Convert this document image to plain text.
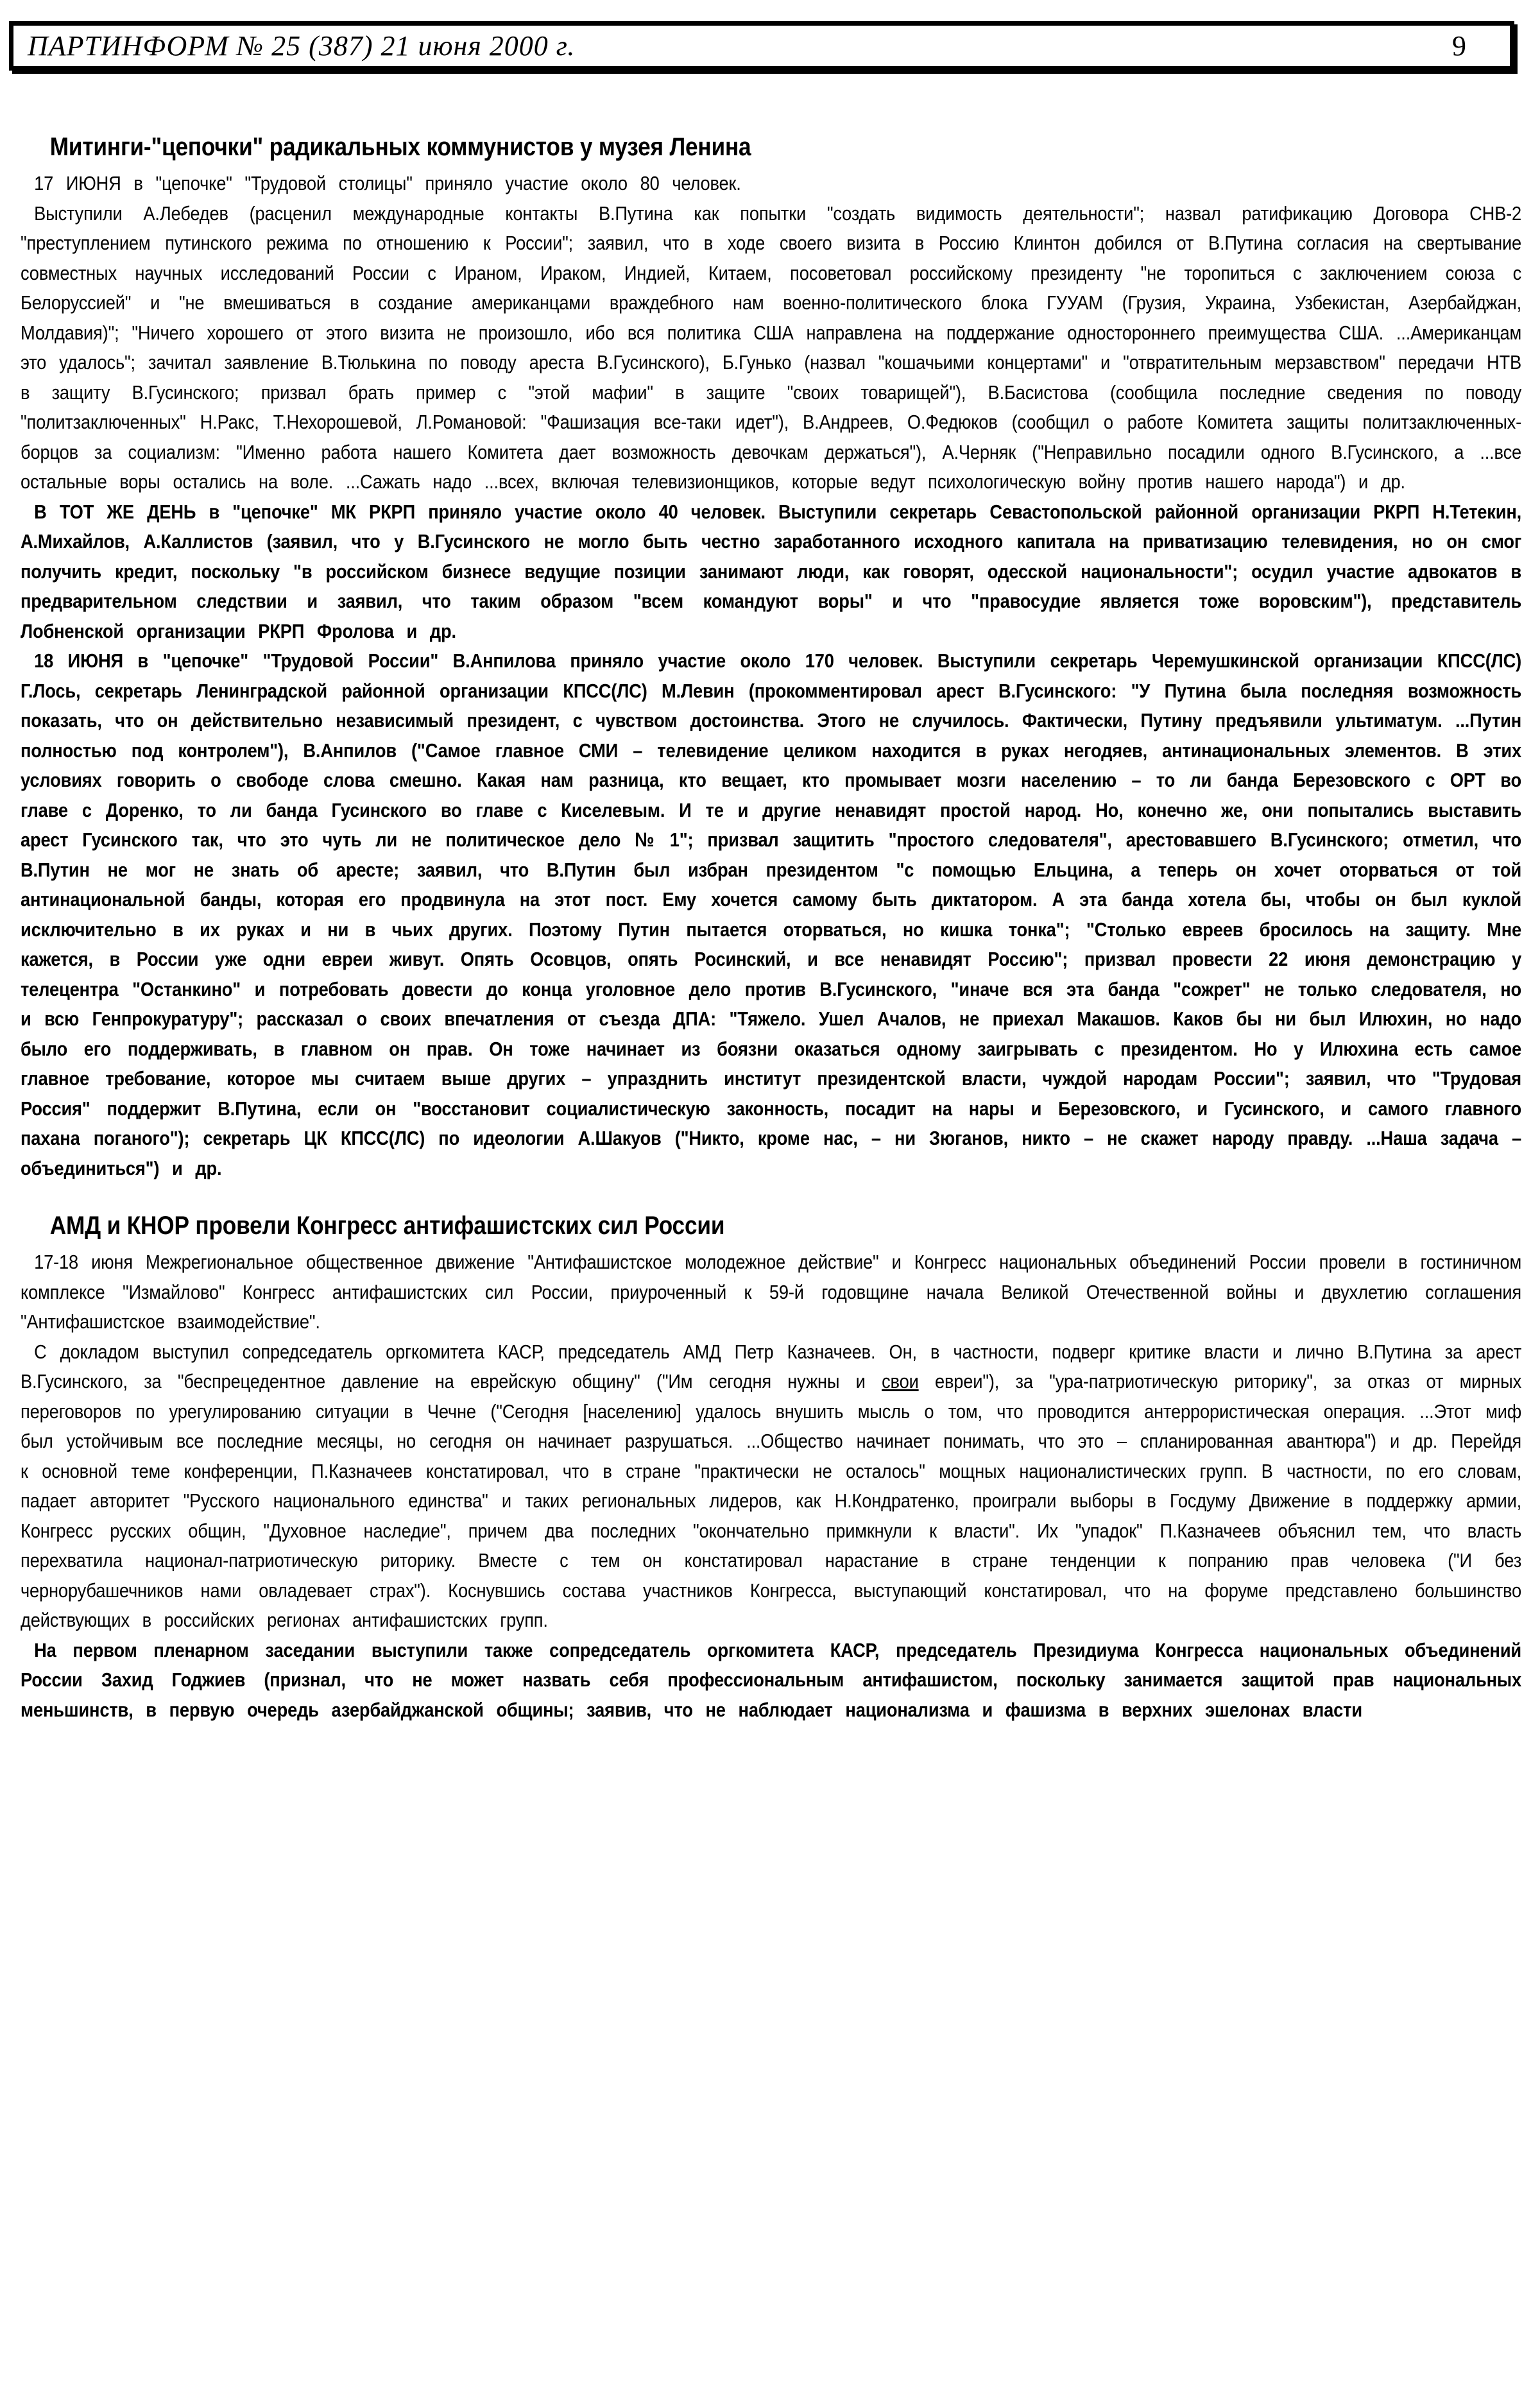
ПАРТИНФОРМ № 25 (387) 21 июня 2000 г.	9
Митинги-"цепочки" радикальных коммунистов у музея Ленина

17 ИЮНЯ в "цепочке" "Трудовой столицы" приняло участие около 80 человек.

Выступили А.Лебедев (расценил международные контакты В.Путина как попытки "создать видимость деятельности"; назвал ратификацию Договора СНВ-2 "преступлением путинского режима по отношению к России"; заявил, что в ходе своего визита в Россию Клинтон добился от В.Путина согласия на свертывание совместных научных исследований России с Ираном, Ираком, Индией, Китаем, посоветовал российскому президенту "не торопиться с заключением союза с Белоруссией" и "не вмешиваться в создание американцами враждебного нам военно-политического блока ГУУАМ (Грузия, Украина, Узбекистан, Азербайджан, Молдавия)"; "Ничего хорошего от этого визита не произошло, ибо вся политика США направлена на поддержание одностороннего преимущества США. ...Американцам это удалось"; зачитал заявление В.Тюлькина по поводу ареста В.Гусинского), Б.Гунько (назвал "кошачьими концертами" и "отвратительным мерзавством" передачи НТВ в защиту В.Гусинского; призвал брать пример с "этой мафии" в защите "своих товарищей"), В.Басистова (сообщила последние сведения по поводу "политзаключенных" Н.Ракс, Т.Нехорошевой, Л.Романовой: "Фашизация все-таки идет"), В.Андреев, О.Федюков (сообщил о работе Комитета защиты политзаключенных-борцов за социализм: "Именно работа нашего Комитета дает возможность девочкам держаться"), А.Черняк ("Неправильно посадили одного В.Гусинского, а ...все остальные воры остались на воле. ...Сажать надо ...всех, включая телевизионщиков, которые ведут психологическую войну против нашего народа") и др.

В ТОТ ЖЕ ДЕНЬ в "цепочке" МК РКРП приняло участие около 40 человек. Выступили секретарь Севастопольской районной организации РКРП Н.Тетекин, А.Михайлов, А.Каллистов (заявил, что у В.Гусинского не могло быть честно заработанного исходного капитала на приватизацию телевидения, но он смог получить кредит, поскольку "в российском бизнесе ведущие позиции занимают люди, как говорят, одесской национальности"; осудил участие адвокатов в предварительном следствии и заявил, что таким образом "всем командуют воры" и что "правосудие является тоже воровским"), представитель Лобненской организации РКРП Фролова и др.

18 ИЮНЯ в "цепочке" "Трудовой России" В.Анпилова приняло участие около 170 человек. Выступили секретарь Черемушкинской организации КПСС(ЛС) Г.Лось, секретарь Ленинградской районной организации КПСС(ЛС) М.Левин (прокомментировал арест В.Гусинского: "У Путина была последняя возможность показать, что он действительно независимый президент, с чувством достоинства. Этого не случилось. Фактически, Путину предъявили ультиматум. ...Путин полностью под контролем"), В.Анпилов ("Самое главное СМИ – телевидение целиком находится в руках негодяев, антинациональных элементов. В этих условиях говорить о свободе слова смешно. Какая нам разница, кто вещает, кто промывает мозги населению – то ли банда Березовского с ОРТ во главе с Доренко, то ли банда Гусинского во главе с Киселевым. И те и другие ненавидят простой народ. Но, конечно же, они попытались выставить арест Гусинского так, что это чуть ли не политическое дело № 1"; призвал защитить "простого следователя", арестовавшего В.Гусинского; отметил, что В.Путин не мог не знать об аресте; заявил, что В.Путин был избран президентом "с помощью Ельцина, а теперь он хочет оторваться от той антинациональной банды, которая его продвинула на этот пост. Ему хочется самому быть диктатором. А эта банда хотела бы, чтобы он был куклой исключительно в их руках и ни в чьих других. Поэтому Путин пытается оторваться, но кишка тонка"; "Столько евреев бросилось на защиту. Мне кажется, в России уже одни евреи живут. Опять Осовцов, опять Росинский, и все ненавидят Россию"; призвал провести 22 июня демонстрацию у телецентра "Останкино" и потребовать довести до конца уголовное дело против В.Гусинского, "иначе вся эта банда "сожрет" не только следователя, но и всю Генпрокуратуру"; рассказал о своих впечатления от съезда ДПА: "Тяжело. Ушел Ачалов, не приехал Макашов. Каков бы ни был Илюхин, но надо было его поддерживать, в главном он прав. Он тоже начинает из боязни оказаться одному заигрывать с президентом. Но у Илюхина есть самое главное требование, которое мы считаем выше других – упразднить институт президентской власти, чуждой народам России"; заявил, что "Трудовая Россия" поддержит В.Путина, если он "восстановит социалистическую законность, посадит на нары и Березовского, и Гусинского, и самого главного пахана поганого"); секретарь ЦК КПСС(ЛС) по идеологии А.Шакуов ("Никто, кроме нас, – ни Зюганов, никто – не скажет народу правду. ...Наша задача – объединиться") и др.

АМД и КНОР провели Конгресс антифашистских сил России

17-18 июня Межрегиональное общественное движение "Антифашистское молодежное действие" и Конгресс национальных объединений России провели в гостиничном комплексе "Измайлово" Конгресс антифашистских сил России, приуроченный к 59-й годовщине начала Великой Отечественной войны и двухлетию соглашения "Антифашистское взаимодействие".

С докладом выступил сопредседатель оргкомитета КАСР, председатель АМД Петр Казначеев. Он, в частности, подверг критике власти и лично В.Путина за арест В.Гусинского, за "беспрецедентное давление на еврейскую общину" ("Им сегодня нужны и свои евреи"), за "ура-патриотическую риторику", за отказ от мирных переговоров по урегулированию ситуации в Чечне ("Сегодня [населению] удалось внушить мысль о том, что проводится антеррористическая операция. ...Этот миф был устойчивым все последние месяцы, но сегодня он начинает разрушаться. ...Общество начинает понимать, что это – спланированная авантюра") и др. Перейдя к основной теме конференции, П.Казначеев констатировал, что в стране "практически не осталось" мощных националистических групп. В частности, по его словам, падает авторитет "Русского национального единства" и таких региональных лидеров, как Н.Кондратенко, проиграли выборы в Госдуму Движение в поддержку армии, Конгресс русских общин, "Духовное наследие", причем два последних "окончательно примкнули к власти". Их "упадок" П.Казначеев объяснил тем, что власть перехватила национал-патриотическую риторику. Вместе с тем он констатировал нарастание в стране тенденции к попранию прав человека ("И без чернорубашечников нами овладевает страх"). Коснувшись состава участников Конгресса, выступающий констатировал, что на форуме представлено большинство действующих в российских регионах антифашистских групп.

На первом пленарном заседании выступили также сопредседатель оргкомитета КАСР, председатель Президиума Конгресса национальных объединений России Захид Годжиев (признал, что не может назвать себя профессиональным антифашистом, поскольку занимается защитой прав национальных меньшинств, в первую очередь азербайджанской общины; заявив, что не наблюдает национализма и фашизма в верхних эшелонах власти
